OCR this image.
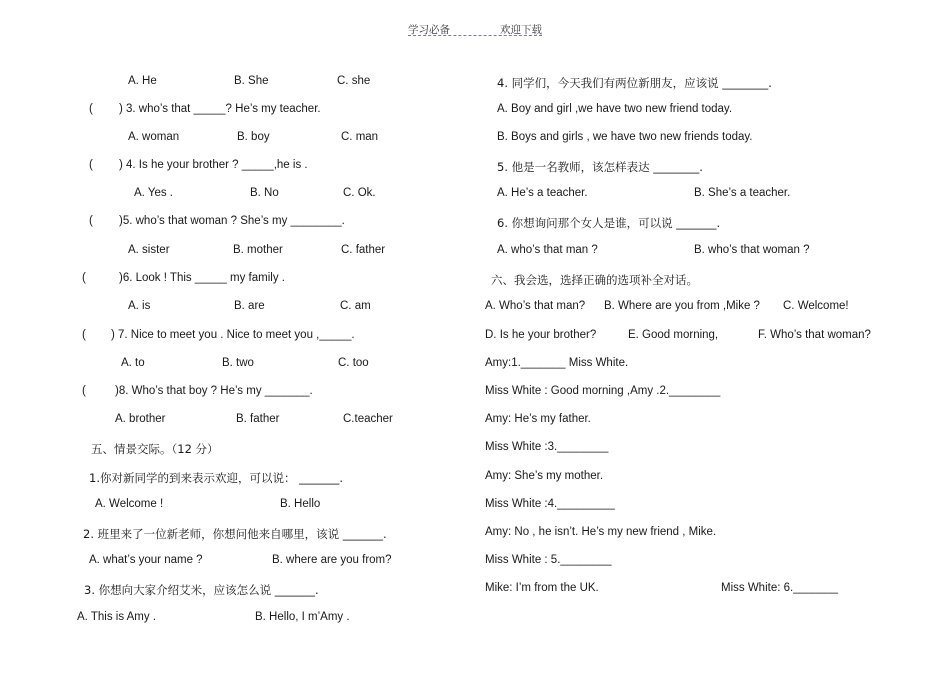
学习必备	欢迎下载
A. He	B. She	C. she
( ) 3. who’s that _____? He’s my teacher.
A. woman	B. boy	C. man
( ) 4. Is he your brother ? _____,he is .
A. Yes .	B. No	C. Ok.
( )5. who’s that woman ? She’s my ________.
A. sister	B. mother	C. father
(	)6. Look ! This _____ my family .
A. is	B. are	C. am
( ) 7. Nice to meet you . Nice to meet you ,_____.
A. to	B. two	C. too
(	)8. Who’s that boy ? He’s my _______.
A. brother	B. father	C.teacher
五、情景交际。（12 分）
1.你对新同学的到来表示欢迎，可以说： _______.
A. Welcome !	B. Hello
2. 班里来了一位新老师，你想问他来自哪里，该说 _______.
A. what’s your name ?	B. where are you from?
3. 你想向大家介绍艾米，应该怎么说 _______.
A. This is Amy .	B. Hello, I m’Amy .
4. 同学们，今天我们有两位新朋友，应该说 ________.
A. Boy and girl ,we have two new friend today.
B. Boys and girls , we have two new friends today.
5. 他是一名教师，该怎样表达 ________.
A. He’s a teacher.	B. She’s a teacher.
6. 你想询问那个女人是谁，可以说 _______.
A. who’s that man ?	B. who’s that woman ?
六、我会选，选择正确的选项补全对话。
A. Who’s that man? B. Where are you from ,Mike ? C. Welcome!
D. Is he your brother?	E. Good morning,	F. Who’s that woman?
Amy:1._______ Miss White.
Miss White : Good morning ,Amy .2.________
Amy: He’s my father.
Miss White :3.________
Amy: She’s my mother.
Miss White :4._________
Amy: No , he isn’t. He’s my new friend , Mike.
Miss White : 5.________
Mike: I’m from the UK.	Miss White: 6._______
